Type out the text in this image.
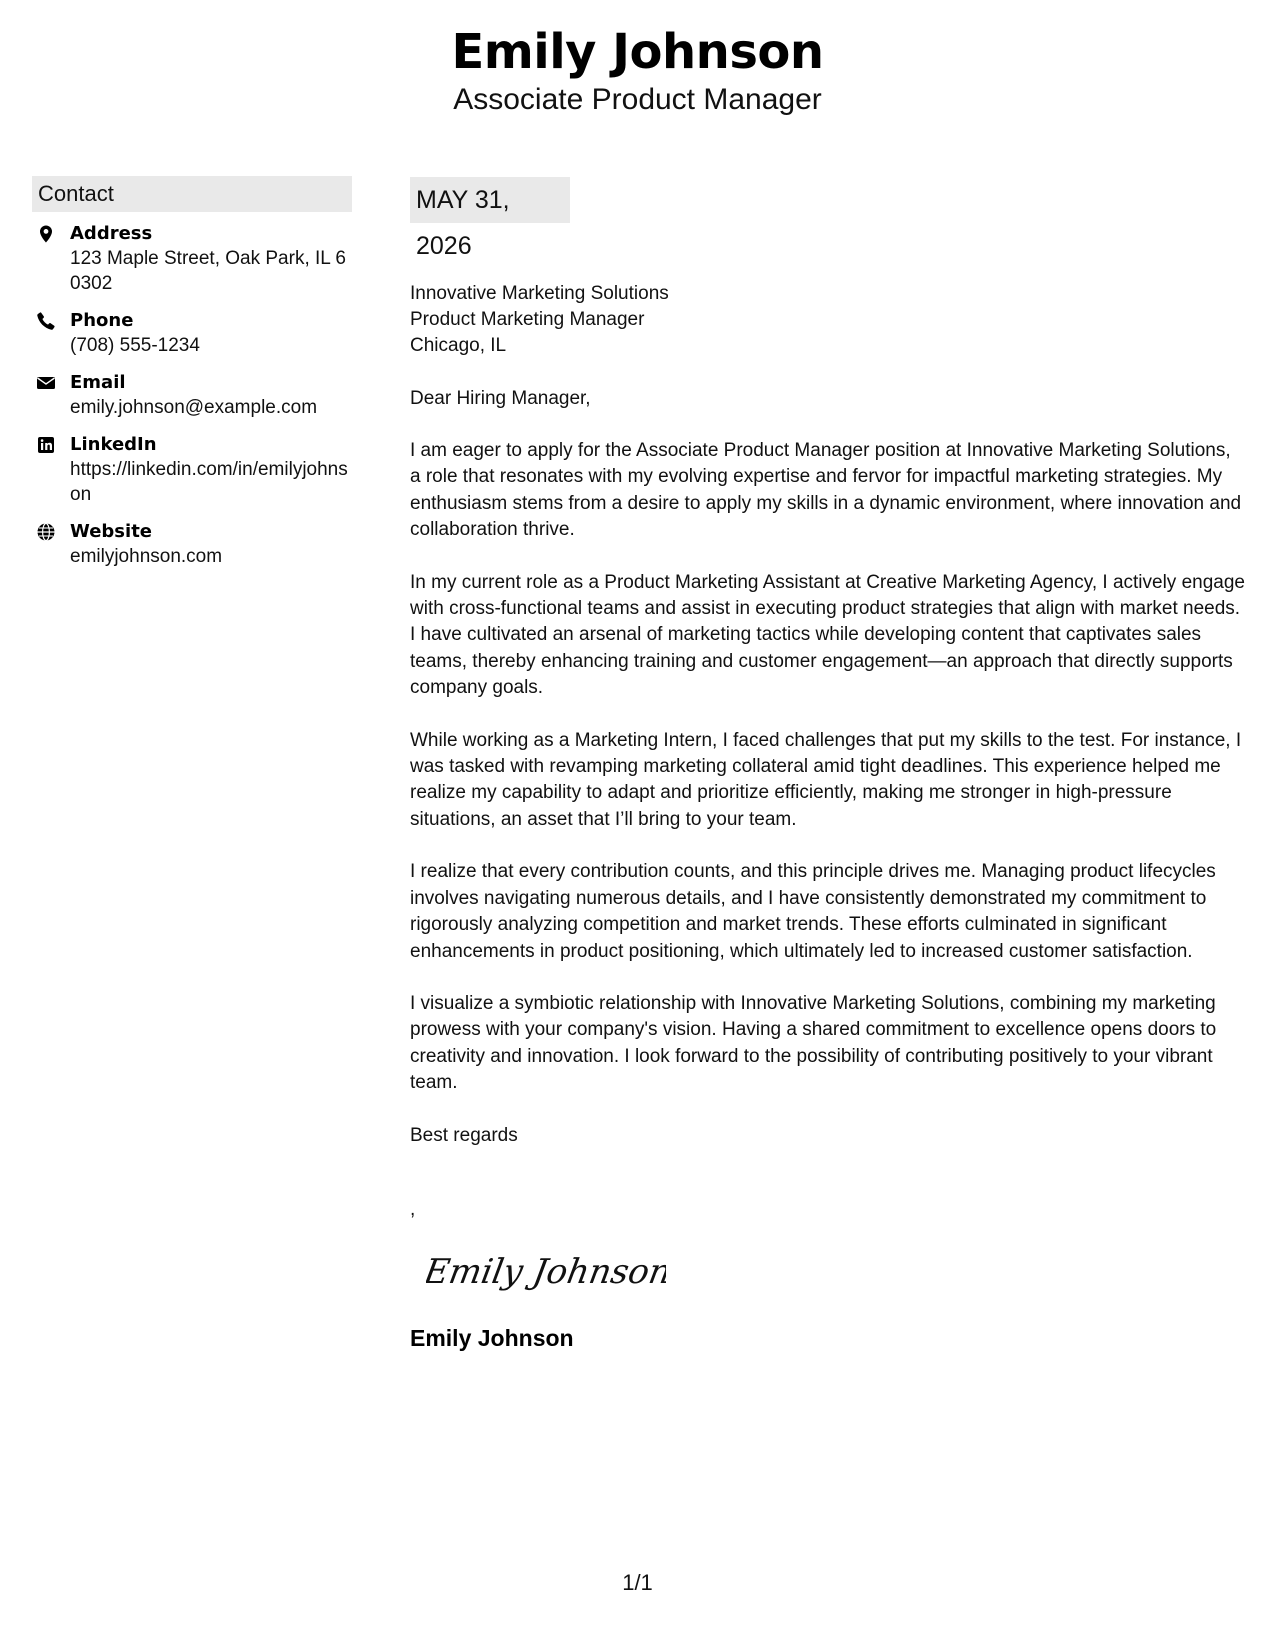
Emily Johnson
Associate Product Manager
Contact
Address
123 Maple Street, Oak Park, IL 60302
Phone
(708) 555-1234
Email
emily.johnson@example.com
LinkedIn
https://linkedin.com/in/emilyjohnson
Website
emilyjohnson.com
MAY 31, 2026
Innovative Marketing Solutions
Product Marketing Manager
Chicago, IL
Dear Hiring Manager,
I am eager to apply for the Associate Product Manager position at Innovative Marketing Solutions, a role that resonates with my evolving expertise and fervor for impactful marketing strategies. My enthusiasm stems from a desire to apply my skills in a dynamic environment, where innovation and collaboration thrive.
In my current role as a Product Marketing Assistant at Creative Marketing Agency, I actively engage with cross-functional teams and assist in executing product strategies that align with market needs. I have cultivated an arsenal of marketing tactics while developing content that captivates sales teams, thereby enhancing training and customer engagement—an approach that directly supports company goals.
While working as a Marketing Intern, I faced challenges that put my skills to the test. For instance, I was tasked with revamping marketing collateral amid tight deadlines. This experience helped me realize my capability to adapt and prioritize efficiently, making me stronger in high-pressure situations, an asset that I’ll bring to your team.
I realize that every contribution counts, and this principle drives me. Managing product lifecycles involves navigating numerous details, and I have consistently demonstrated my commitment to rigorously analyzing competition and market trends. These efforts culminated in significant enhancements in product positioning, which ultimately led to increased customer satisfaction.
I visualize a symbiotic relationship with Innovative Marketing Solutions, combining my marketing prowess with your company's vision. Having a shared commitment to excellence opens doors to creativity and innovation. I look forward to the possibility of contributing positively to your vibrant team.
Best regards
,
Emily Johnson
Emily Johnson
1/1
